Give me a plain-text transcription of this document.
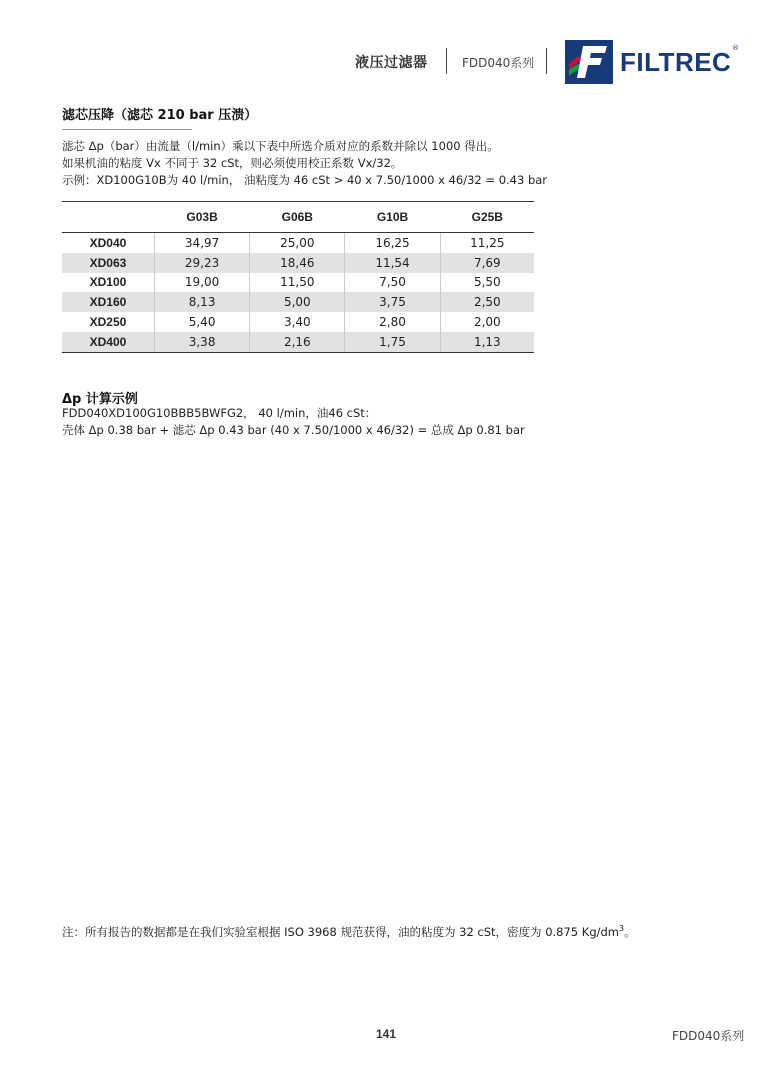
液压过滤器	FDD040系列	FILTREC ®
滤芯压降（滤芯 210 bar 压溃）
滤芯 Δp（bar）由流量（l/min）乘以下表中所选介质对应的系数并除以 1000 得出。
如果机油的粘度 Vx 不同于 32 cSt，则必须使用校正系数 Vx/32。
示例：XD100G10B为 40 l/min， 油粘度为 46 cSt > 40 x 7.50/1000 x 46/32 = 0.43 bar
	G03B	G06B	G10B	G25B
XD040	34,97	25,00	16,25	11,25
XD063	29,23	18,46	11,54	7,69
XD100	19,00	11,50	7,50	5,50
XD160	8,13	5,00	3,75	2,50
XD250	5,40	3,40	2,80	2,00
XD400	3,38	2,16	1,75	1,13
Δp 计算示例
FDD040XD100G10BBB5BWFG2， 40 l/min，油46 cSt：
壳体 Δp 0.38 bar + 滤芯 Δp 0.43 bar (40 x 7.50/1000 x 46/32) = 总成 Δp 0.81 bar
注：所有报告的数据都是在我们实验室根据 ISO 3968 规范获得，油的粘度为 32 cSt，密度为 0.875 $Kg/dm^3$。
141	FDD040系列
